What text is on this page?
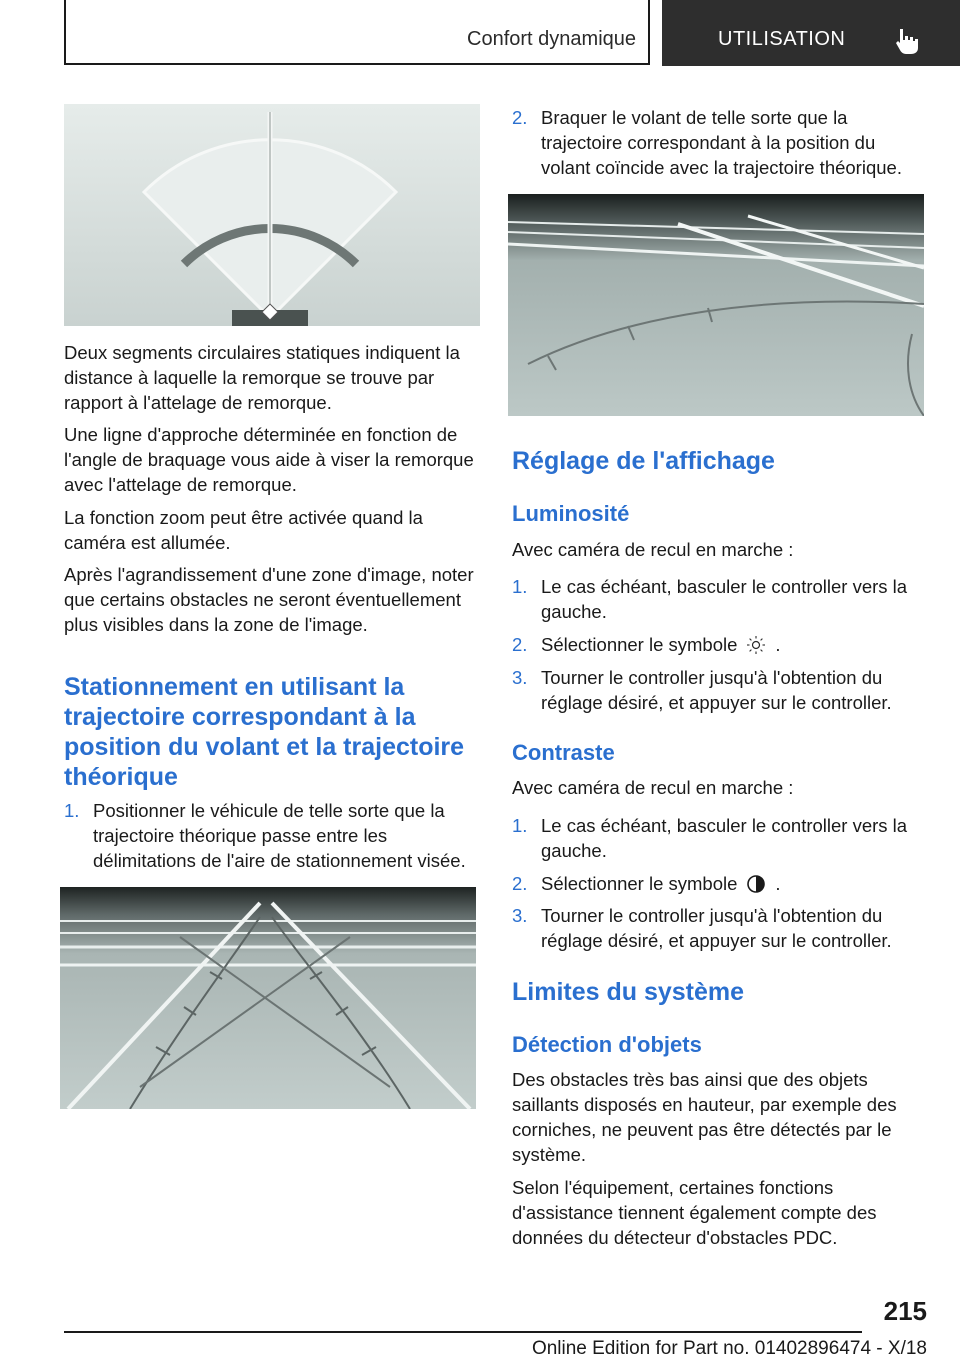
Confort dynamique	UTILISATION
Deux segments circulaires statiques indiquent la distance à laquelle la remorque se trouve par rapport à l'attelage de remorque.
Une ligne d'approche déterminée en fonction de l'angle de braquage vous aide à viser la remorque avec l'attelage de remorque.
La fonction zoom peut être activée quand la caméra est allumée.
Après l'agrandissement d'une zone d'image, noter que certains obstacles ne seront éventuellement plus visibles dans la zone de l'image.
Stationnement en utilisant la trajectoire correspondant à la position du volant et la trajectoire théorique
1. Positionner le véhicule de telle sorte que la trajectoire théorique passe entre les délimitations de l'aire de stationnement visée.
2. Braquer le volant de telle sorte que la trajectoire correspondant à la position du volant coïncide avec la trajectoire théorique.
Réglage de l'affichage
Luminosité
Avec caméra de recul en marche :
1. Le cas échéant, basculer le controller vers la gauche.
2. Sélectionner le symbole .
3. Tourner le controller jusqu'à l'obtention du réglage désiré, et appuyer sur le controller.
Contraste
Avec caméra de recul en marche :
1. Le cas échéant, basculer le controller vers la gauche.
2. Sélectionner le symbole .
3. Tourner le controller jusqu'à l'obtention du réglage désiré, et appuyer sur le controller.
Limites du système
Détection d'objets
Des obstacles très bas ainsi que des objets saillants disposés en hauteur, par exemple des corniches, ne peuvent pas être détectés par le système.
Selon l'équipement, certaines fonctions d'assistance tiennent également compte des données du détecteur d'obstacles PDC.
215
Online Edition for Part no. 01402896474 - X/18
